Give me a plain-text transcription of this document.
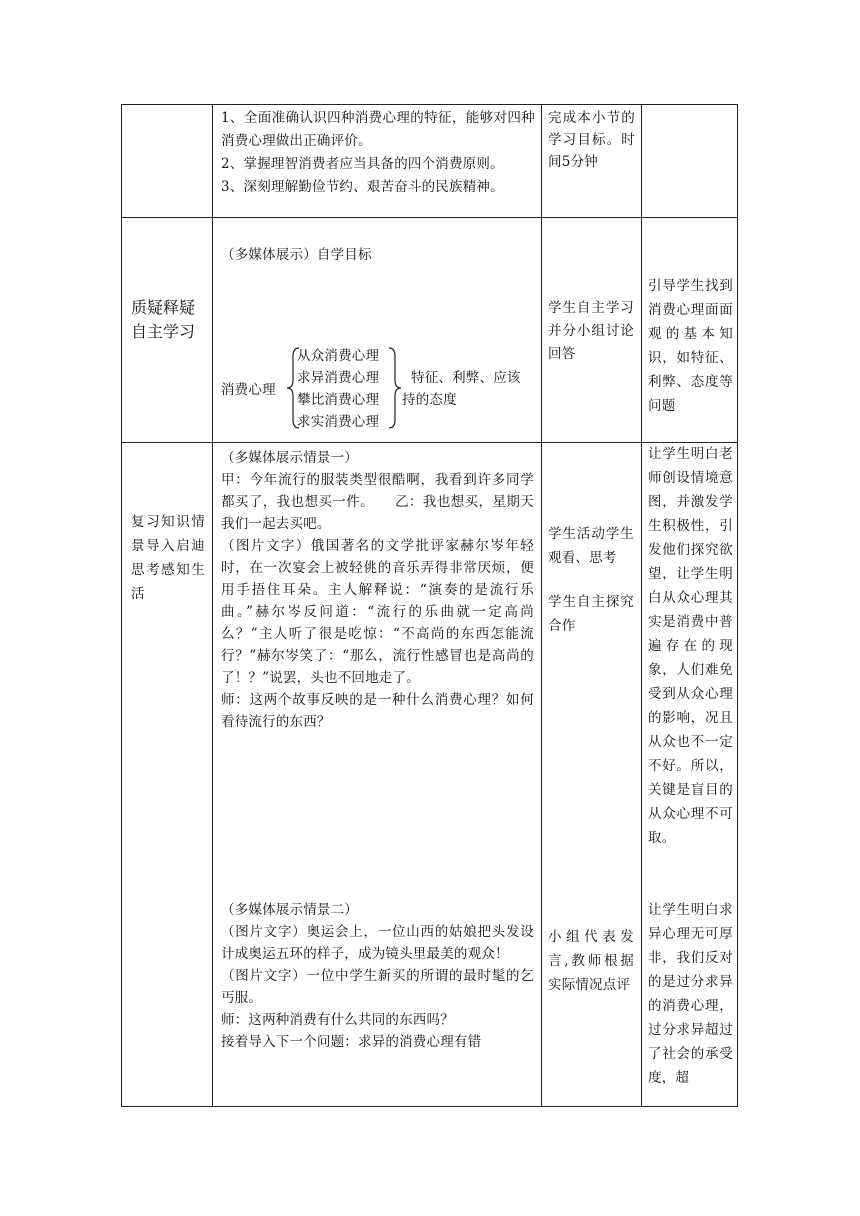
1、全面准确认识四种消费心理的特征，能够对四种消费心理做出正确评价。

2、掌握理智消费者应当具备的四个消费原则。

3、深刻理解勤俭节约、艰苦奋斗的民族精神。

完成本小节的学习目标。时间5分钟

质疑释疑自主学习
（多媒体展示）自学目标
消费心理
从众消费心理
求异消费心理
攀比消费心理
求实消费心理
特征、利弊、应该持的态度
学生自主学习并分小组讨论回答
引导学生找到消费心理面面观的基本知识，如特征、利弊、态度等问题
复习知识情景导入启迪思考感知生活

（多媒体展示情景一）

甲：今年流行的服装类型很酷啊，我看到许多同学都买了，我也想买一件。　　乙：我也想买，星期天我们一起去买吧。

（图片文字）俄国著名的文学批评家赫尔岑年轻时，在一次宴会上被轻佻的音乐弄得非常厌烦，便用手捂住耳朵。主人解释说：“演奏的是流行乐曲。”赫尔岑反问道：“流行的乐曲就一定高尚么？”主人听了很是吃惊：“不高尚的东西怎能流行？”赫尔岑笑了：“那么，流行性感冒也是高尚的了！？”说罢，头也不回地走了。

师：这两个故事反映的是一种什么消费心理？如何看待流行的东西？

（多媒体展示情景二）

（图片文字）奥运会上，一位山西的姑娘把头发设计成奥运五环的样子，成为镜头里最美的观众！

（图片文字）一位中学生新买的所谓的最时髦的乞丐服。

师：这两种消费有什么共同的东西吗？

接着导入下一个问题：求异的消费心理有错

学生活动学生观看、思考
学生自主探究合作
小组代表发言,教师根据实际情况点评
让学生明白老师创设情境意图，并激发学生积极性，引发他们探究欲望，让学生明白从众心理其实是消费中普遍存在的现象，人们难免受到从众心理的影响，况且从众也不一定不好。所以，关键是盲目的从众心理不可取。
让学生明白求异心理无可厚非，我们反对的是过分求异的消费心理，过分求异超过了社会的承受度，超
